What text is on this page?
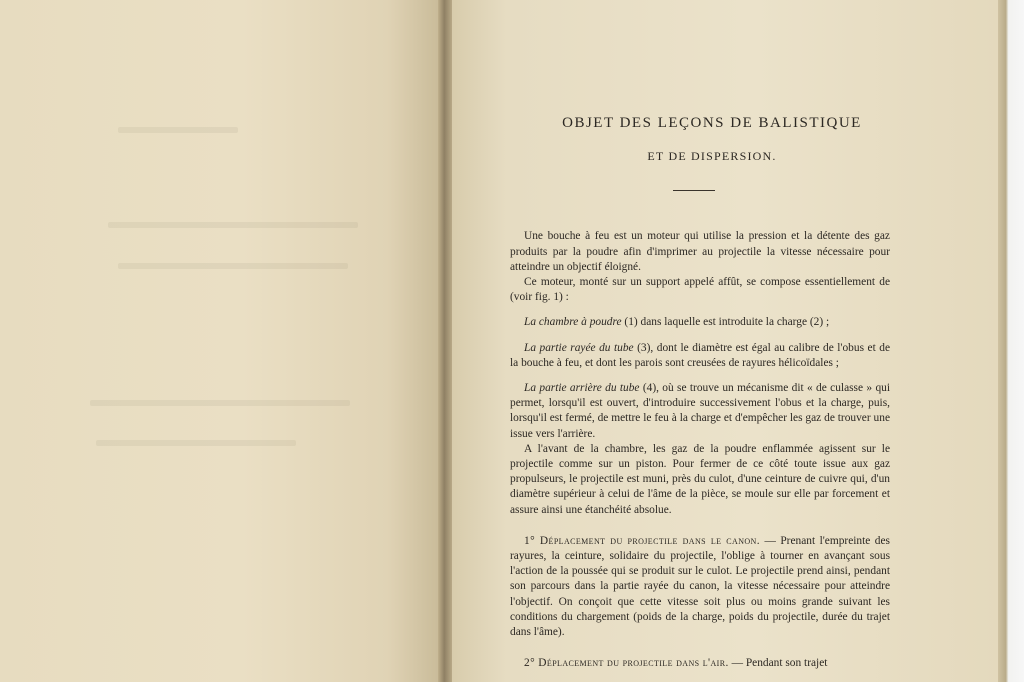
OBJET DES LEÇONS DE BALISTIQUE
ET DE DISPERSION.

Une bouche à feu est un moteur qui utilise la pression et la détente des gaz produits par la poudre afin d'imprimer au projectile la vitesse nécessaire pour atteindre un objectif éloigné.

Ce moteur, monté sur un support appelé affût, se compose essentiellement de (voir fig. 1) :

La chambre à poudre (1) dans laquelle est introduite la charge (2) ;

La partie rayée du tube (3), dont le diamètre est égal au calibre de l'obus et de la bouche à feu, et dont les parois sont creusées de rayures hélicoïdales ;

La partie arrière du tube (4), où se trouve un mécanisme dit « de culasse » qui permet, lorsqu'il est ouvert, d'introduire successivement l'obus et la charge, puis, lorsqu'il est fermé, de mettre le feu à la charge et d'empêcher les gaz de trouver une issue vers l'arrière.

A l'avant de la chambre, les gaz de la poudre enflammée agissent sur le projectile comme sur un piston. Pour fermer de ce côté toute issue aux gaz propulseurs, le projectile est muni, près du culot, d'une ceinture de cuivre qui, d'un diamètre supérieur à celui de l'âme de la pièce, se moule sur elle par forcement et assure ainsi une étanchéité absolue.

1° Déplacement du projectile dans le canon. — Prenant l'empreinte des rayures, la ceinture, solidaire du projectile, l'oblige à tourner en avançant sous l'action de la poussée qui se produit sur le culot. Le projectile prend ainsi, pendant son parcours dans la partie rayée du canon, la vitesse nécessaire pour atteindre l'objectif. On conçoit que cette vitesse soit plus ou moins grande suivant les conditions du chargement (poids de la charge, poids du projectile, durée du trajet dans l'âme).

2° Déplacement du projectile dans l'air. — Pendant son trajet
